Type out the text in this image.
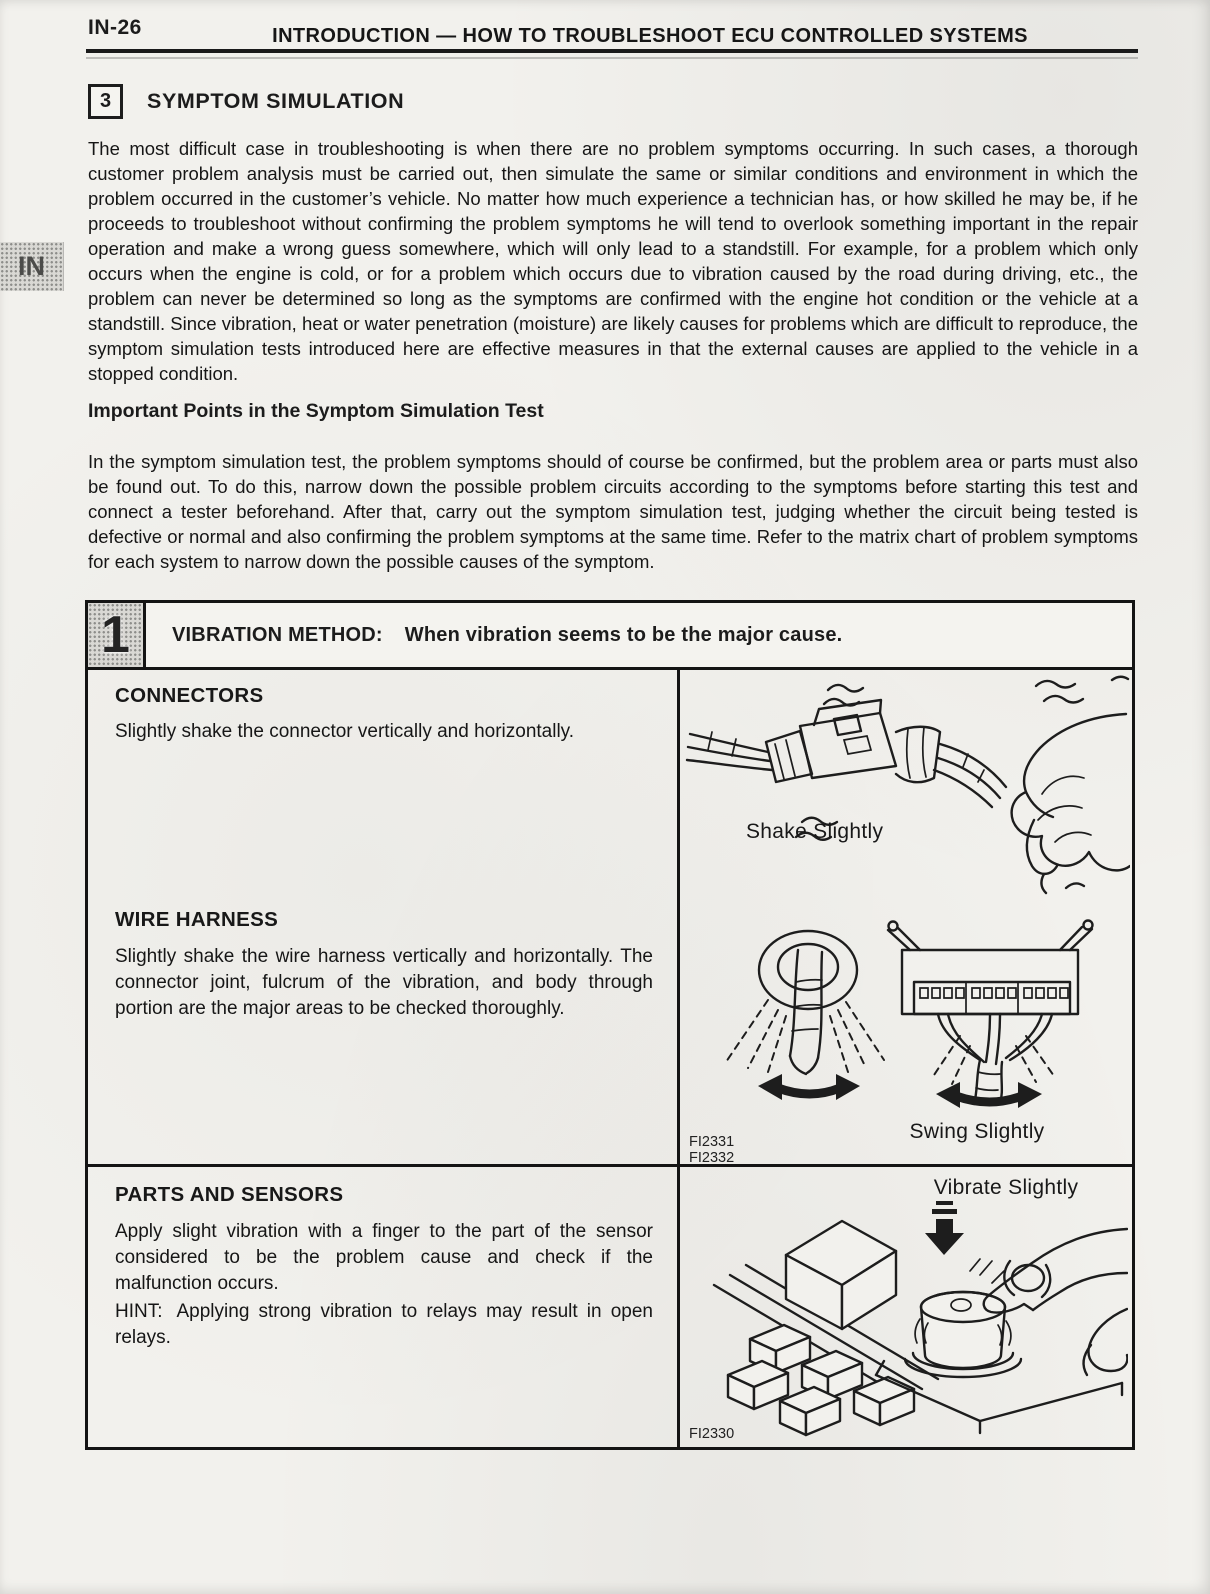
IN-26	INTRODUCTION — HOW TO TROUBLESHOOT ECU CONTROLLED SYSTEMS
IN
3	SYMPTOM SIMULATION

The most difficult case in troubleshooting is when there are no problem symptoms occurring. In such cases, a thorough customer problem analysis must be carried out, then simulate the same or similar conditions and environment in which the problem occurred in the customer’s vehicle. No matter how much experience a technician has, or how skilled he may be, if he proceeds to troubleshoot without confirming the problem symptoms he will tend to overlook something important in the repair operation and make a wrong guess somewhere, which will only lead to a standstill. For example, for a problem which only occurs when the engine is cold, or for a problem which occurs due to vibration caused by the road during driving, etc., the problem can never be determined so long as the symptoms are confirmed with the engine hot condition or the vehicle at a standstill. Since vibration, heat or water penetration (moisture) are likely causes for problems which are difficult to reproduce, the symptom simulation tests introduced here are effective measures in that the external causes are applied to the vehicle in a stopped condition.

Important Points in the Symptom Simulation Test

In the symptom simulation test, the problem symptoms should of course be confirmed, but the problem area or parts must also be found out. To do this, narrow down the possible problem circuits according to the symptoms before starting this test and connect a tester beforehand. After that, carry out the symptom simulation test, judging whether the circuit being tested is defective or normal and also confirming the problem symptoms at the same time. Refer to the matrix chart of problem symptoms for each system to narrow down the possible causes of the symptom.

1	VIBRATION METHOD: When vibration seems to be the major cause.
CONNECTORS

Slightly shake the connector vertically and horizontally.

WIRE HARNESS

Slightly shake the wire harness vertically and horizontally. The connector joint, fulcrum of the vibration, and body through portion are the major areas to be checked thoroughly.

Shake Slightly
Swing Slightly
FI2331
FI2332
PARTS AND SENSORS

Apply slight vibration with a finger to the part of the sensor considered to be the problem cause and check if the malfunction occurs.

HINT: Applying strong vibration to relays may result in open relays.

Vibrate Slightly
FI2330
